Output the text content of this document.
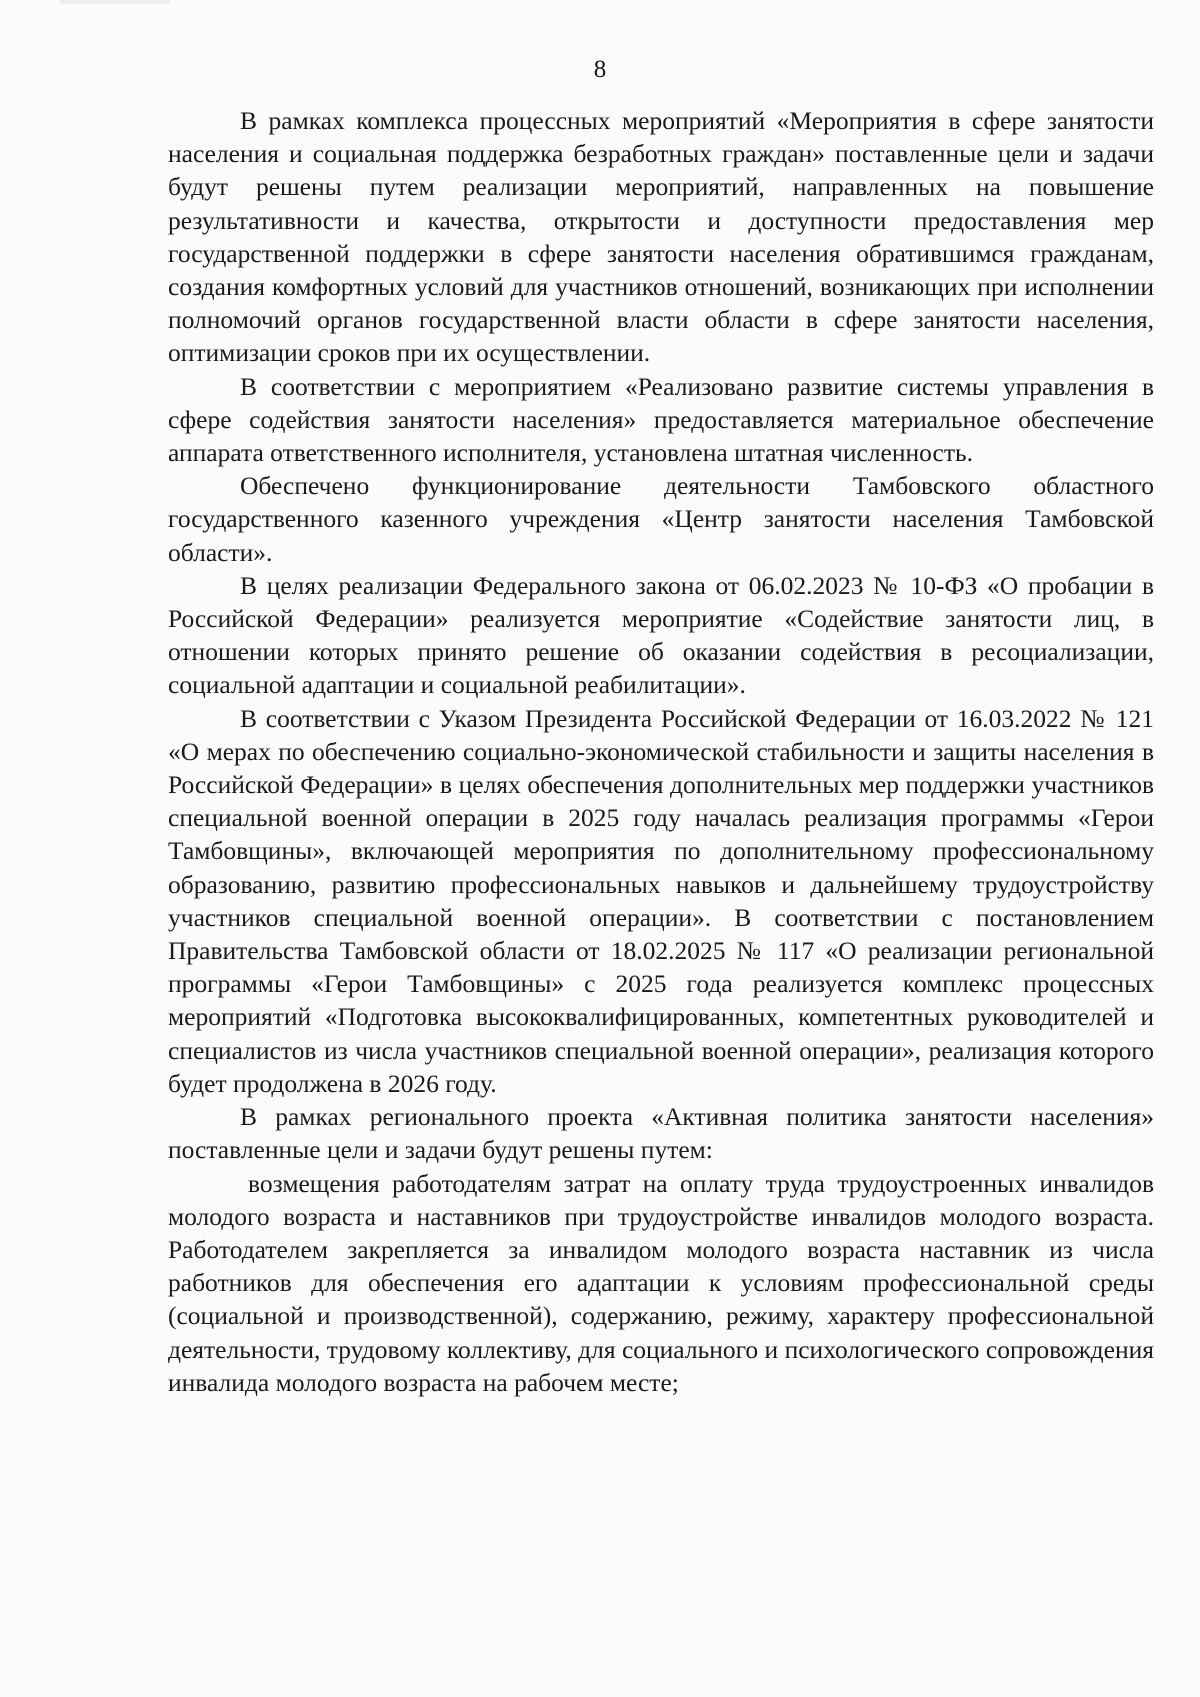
8

В рамках комплекса процессных мероприятий «Мероприятия в сфере занятости населения и социальная поддержка безработных граждан» поставленные цели и задачи будут решены путем реализации мероприятий, направленных на повышение результативности и качества, открытости и доступности предоставления мер государственной поддержки в сфере занятости населения обратившимся гражданам, создания комфортных условий для участников отношений, возникающих при исполнении полномочий органов государственной власти области в сфере занятости населения, оптимизации сроков при их осуществлении.

В соответствии с мероприятием «Реализовано развитие системы управления в сфере содействия занятости населения» предоставляется материальное обеспечение аппарата ответственного исполнителя, установлена штатная численность.

Обеспечено функционирование деятельности Тамбовского областного государственного казенного учреждения «Центр занятости населения Тамбовской области».

В целях реализации Федерального закона от 06.02.2023 № 10-ФЗ «О пробации в Российской Федерации» реализуется мероприятие «Содействие занятости лиц, в отношении которых принято решение об оказании содействия в ресоциализации, социальной адаптации и социальной реабилитации».

В соответствии с Указом Президента Российской Федерации от 16.03.2022 № 121 «О мерах по обеспечению социально-экономической стабильности и защиты населения в Российской Федерации» в целях обеспечения дополнительных мер поддержки участников специальной военной операции в 2025 году началась реализация программы «Герои Тамбовщины», включающей мероприятия по дополнительному профессиональному образованию, развитию профессиональных навыков и дальнейшему трудоустройству участников специальной военной операции». В соответствии с постановлением Правительства Тамбовской области от 18.02.2025 № 117 «О реализации региональной программы «Герои Тамбовщины» с 2025 года реализуется комплекс процессных мероприятий «Подготовка высококвалифицированных, компетентных руководителей и специалистов из числа участников специальной военной операции», реализация которого будет продолжена в 2026 году.

В рамках регионального проекта «Активная политика занятости населения» поставленные цели и задачи будут решены путем:

возмещения работодателям затрат на оплату труда трудоустроенных инвалидов молодого возраста и наставников при трудоустройстве инвалидов молодого возраста. Работодателем закрепляется за инвалидом молодого возраста наставник из числа работников для обеспечения его адаптации к условиям профессиональной среды (социальной и производственной), содержанию, режиму, характеру профессиональной деятельности, трудовому коллективу, для социального и психологического сопровождения инвалида молодого возраста на рабочем месте;
